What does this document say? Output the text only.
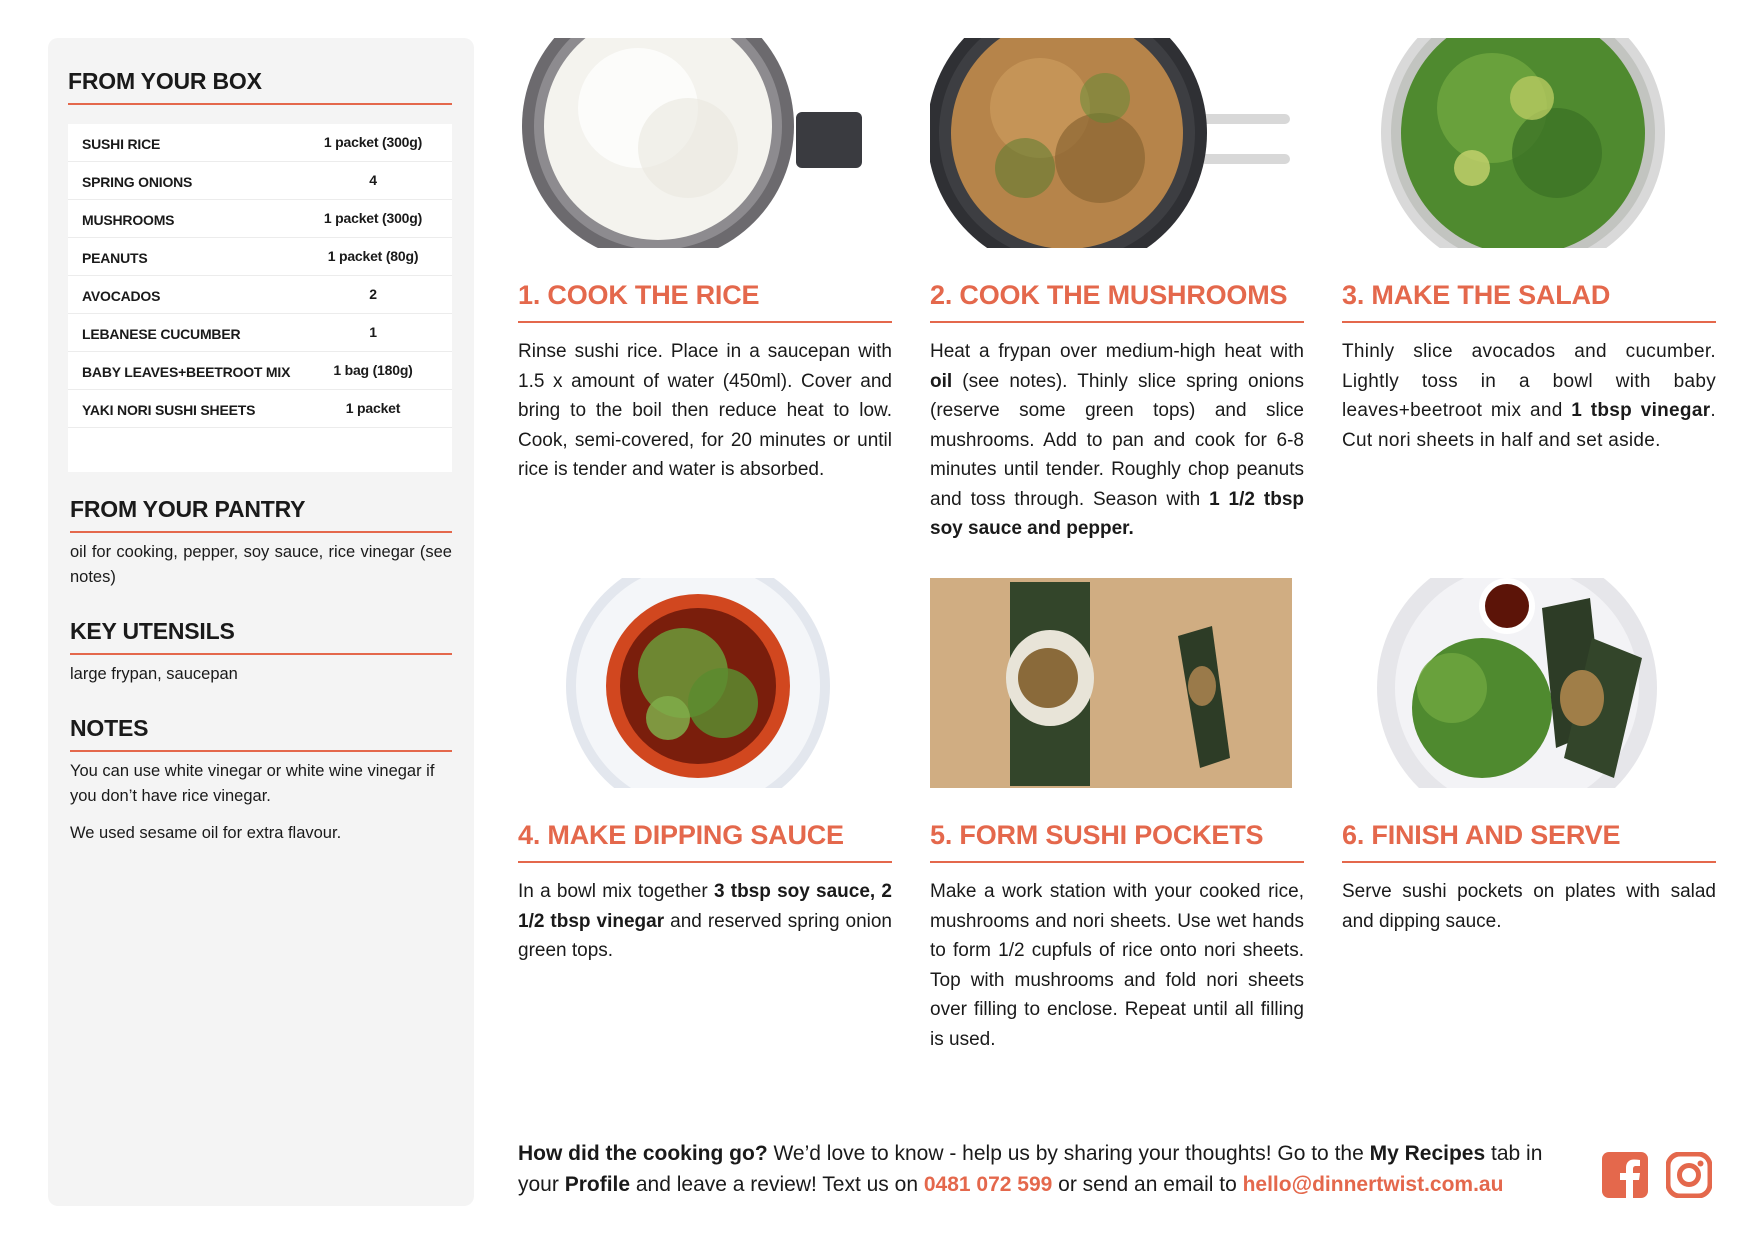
FROM YOUR BOX
SUSHI RICE	1 packet (300g)
SPRING ONIONS	4
MUSHROOMS	1 packet (300g)
PEANUTS	1 packet (80g)
AVOCADOS	2
LEBANESE CUCUMBER	1
BABY LEAVES+BEETROOT MIX	1 bag (180g)
YAKI NORI SUSHI SHEETS	1 packet
FROM YOUR PANTRY
oil for cooking, pepper, soy sauce, rice vinegar (see notes)
KEY UTENSILS
large frypan, saucepan
NOTES
You can use white vinegar or white wine vinegar if you don’t have rice vinegar.
We used sesame oil for extra flavour.
1. COOK THE RICE	2. COOK THE MUSHROOMS	3. MAKE THE SALAD
4. MAKE DIPPING SAUCE	5. FORM SUSHI POCKETS	6. FINISH AND SERVE
Rinse sushi rice. Place in a saucepan with 1.5 x amount of water (450ml). Cover and bring to the boil then reduce heat to low. Cook, semi-covered, for 20 minutes or until rice is tender and water is absorbed.
Heat a frypan over medium-high heat with oil (see notes). Thinly slice spring onions (reserve some green tops) and slice mushrooms. Add to pan and cook for 6-8 minutes until tender. Roughly chop peanuts and toss through. Season with 1 1/2 tbsp soy sauce and pepper.
Thinly slice avocados and cucumber. Lightly toss in a bowl with baby leaves+beetroot mix and 1 tbsp vinegar. Cut nori sheets in half and set aside.
In a bowl mix together 3 tbsp soy sauce, 2 1/2 tbsp vinegar and reserved spring onion green tops.
Make a work station with your cooked rice, mushrooms and nori sheets. Use wet hands to form 1/2 cupfuls of rice onto nori sheets. Top with mushrooms and fold nori sheets over filling to enclose. Repeat until all filling is used.
Serve sushi pockets on plates with salad and dipping sauce.
How did the cooking go? We’d love to know - help us by sharing your thoughts! Go to the My Recipes tab in your Profile and leave a review! Text us on 0481 072 599 or send an email to hello@dinnertwist.com.au
